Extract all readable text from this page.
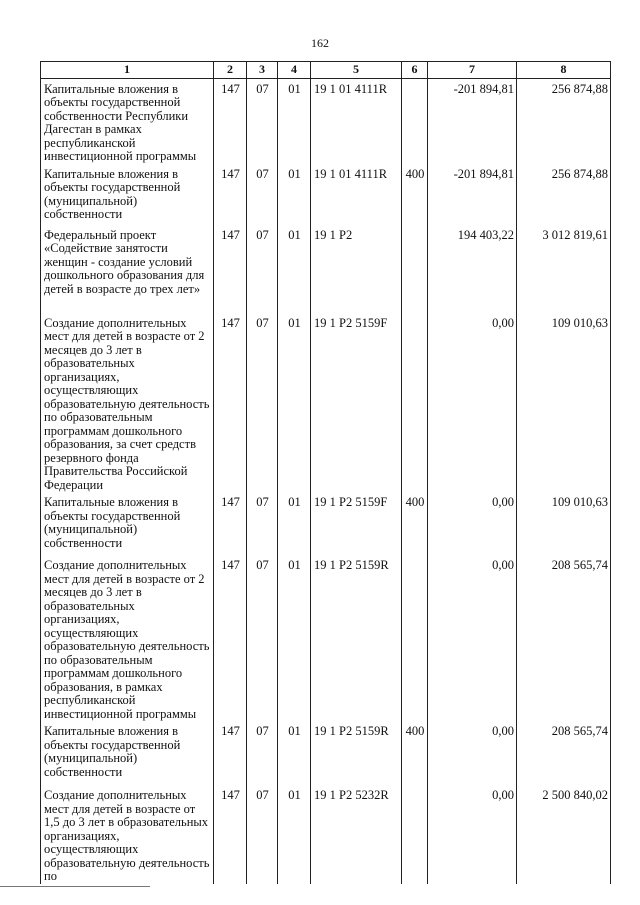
162
1	2	3	4	5	6	7	8
Капитальные вложения в объекты государственной собственности Республики Дагестан в рамках республиканской инвестиционной программы	147	07	01	19 1 01 4111R		-201 894,81	256 874,88
Капитальные вложения в объекты государственной (муниципальной) собственности	147	07	01	19 1 01 4111R	400	-201 894,81	256 874,88
Федеральный проект «Содействие занятости женщин - создание условий дошкольного образования для детей в возрасте до трех лет»	147	07	01	19 1 P2		194 403,22	3 012 819,61
Создание дополнительных мест для детей в возрасте от 2 месяцев до 3 лет в образовательных организациях, осуществляющих образовательную деятельность по образовательным программам дошкольного образования, за счет средств резервного фонда Правительства Российской Федерации	147	07	01	19 1 P2 5159F		0,00	109 010,63
Капитальные вложения в объекты государственной (муниципальной) собственности	147	07	01	19 1 P2 5159F	400	0,00	109 010,63
Создание дополнительных мест для детей в возрасте от 2 месяцев до 3 лет в образовательных организациях, осуществляющих образовательную деятельность по образовательным программам дошкольного образования, в рамках республиканской инвестиционной программы	147	07	01	19 1 P2 5159R		0,00	208 565,74
Капитальные вложения в объекты государственной (муниципальной) собственности	147	07	01	19 1 P2 5159R	400	0,00	208 565,74
Создание дополнительных мест для детей в возрасте от 1,5 до 3 лет в образовательных организациях, осуществляющих образовательную деятельность по	147	07	01	19 1 P2 5232R		0,00	2 500 840,02
